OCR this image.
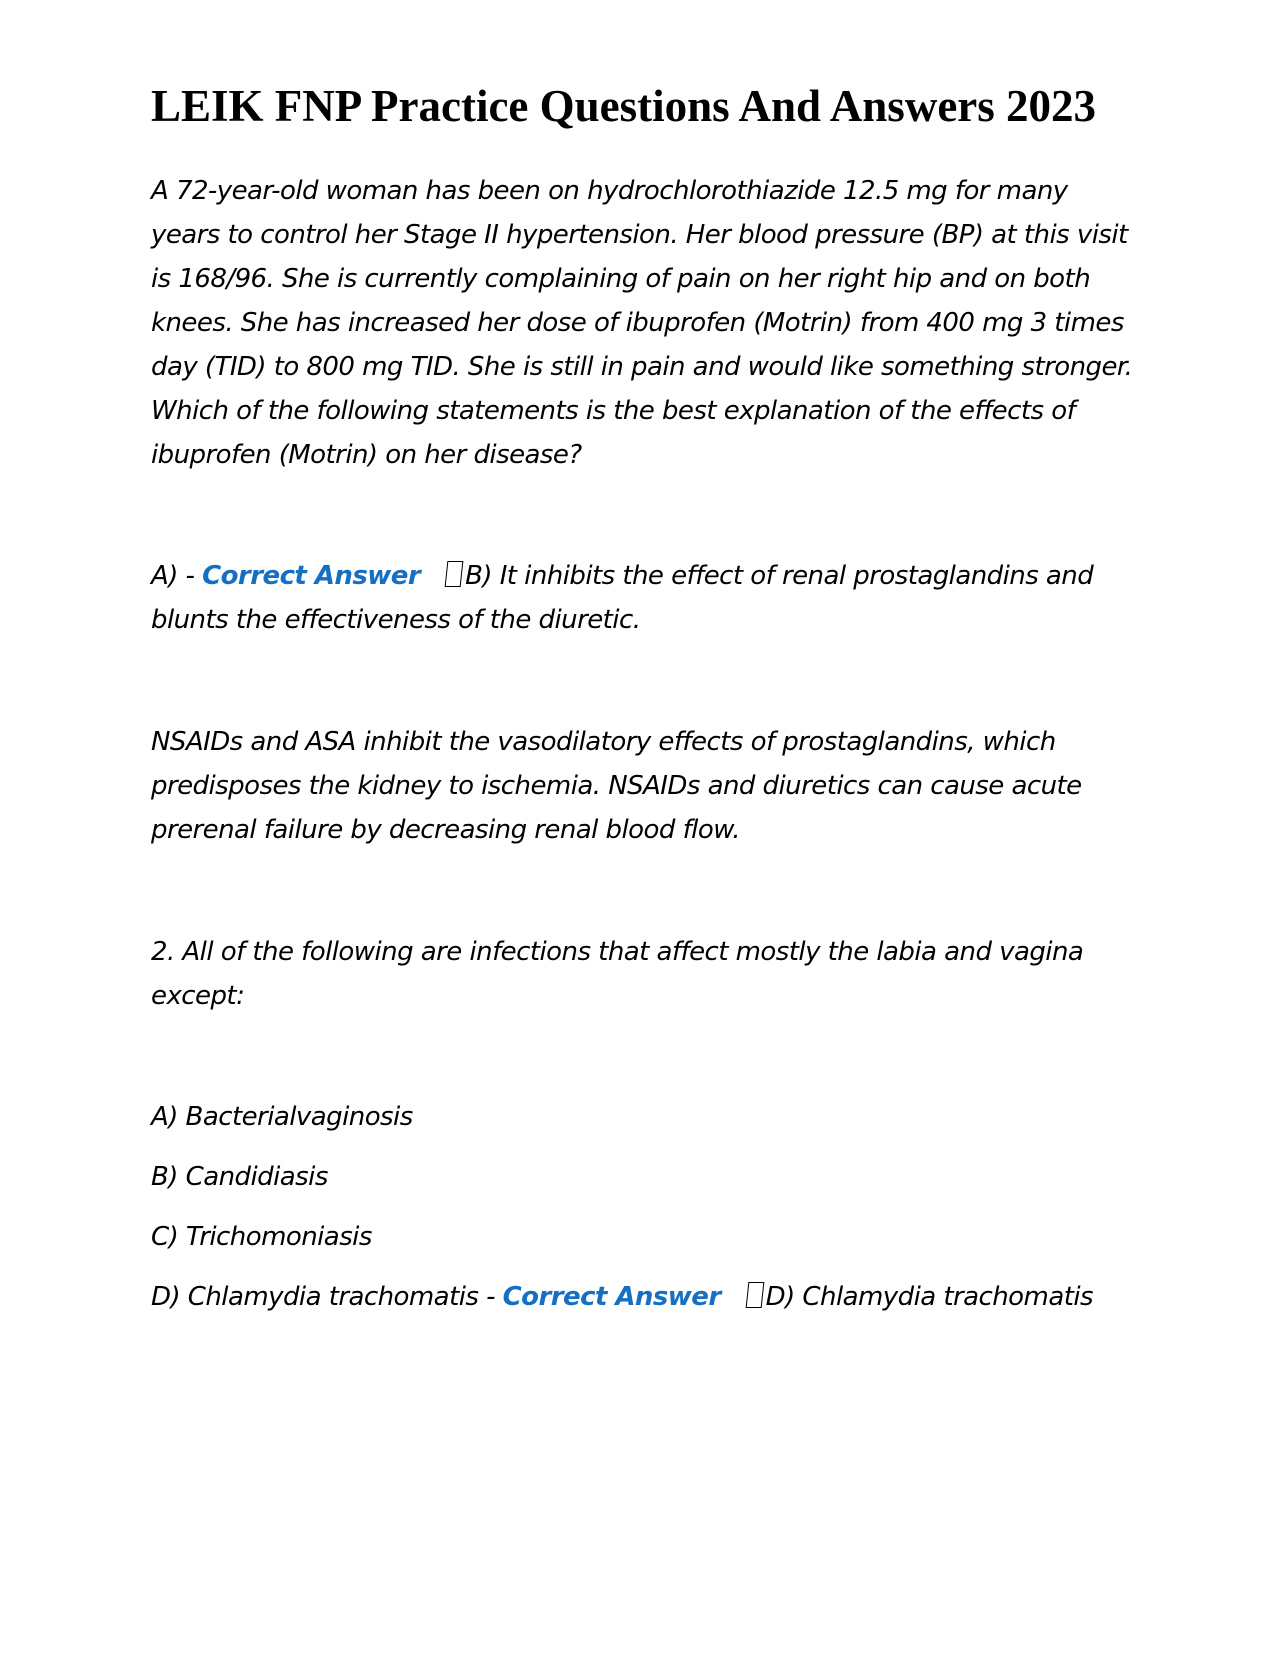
LEIK FNP Practice Questions And Answers 2023

A 72-year-old woman has been on hydrochlorothiazide 12.5 mg for many years to control her Stage II hypertension. Her blood pressure (BP) at this visit is 168/96. She is currently complaining of pain on her right hip and on both knees. She has increased her dose of ibuprofen (Motrin) from 400 mg 3 times day (TID) to 800 mg TID. She is still in pain and would like something stronger. Which of the following statements is the best explanation of the effects of ibuprofen (Motrin) on her disease?

A) - Correct Answer B) It inhibits the effect of renal prostaglandins and blunts the effectiveness of the diuretic.

NSAIDs and ASA inhibit the vasodilatory effects of prostaglandins, which predisposes the kidney to ischemia. NSAIDs and diuretics can cause acute prerenal failure by decreasing renal blood flow.

2. All of the following are infections that affect mostly the labia and vagina except:

A) Bacterialvaginosis

B) Candidiasis

C) Trichomoniasis

D) Chlamydia trachomatis - Correct Answer D) Chlamydia trachomatis
